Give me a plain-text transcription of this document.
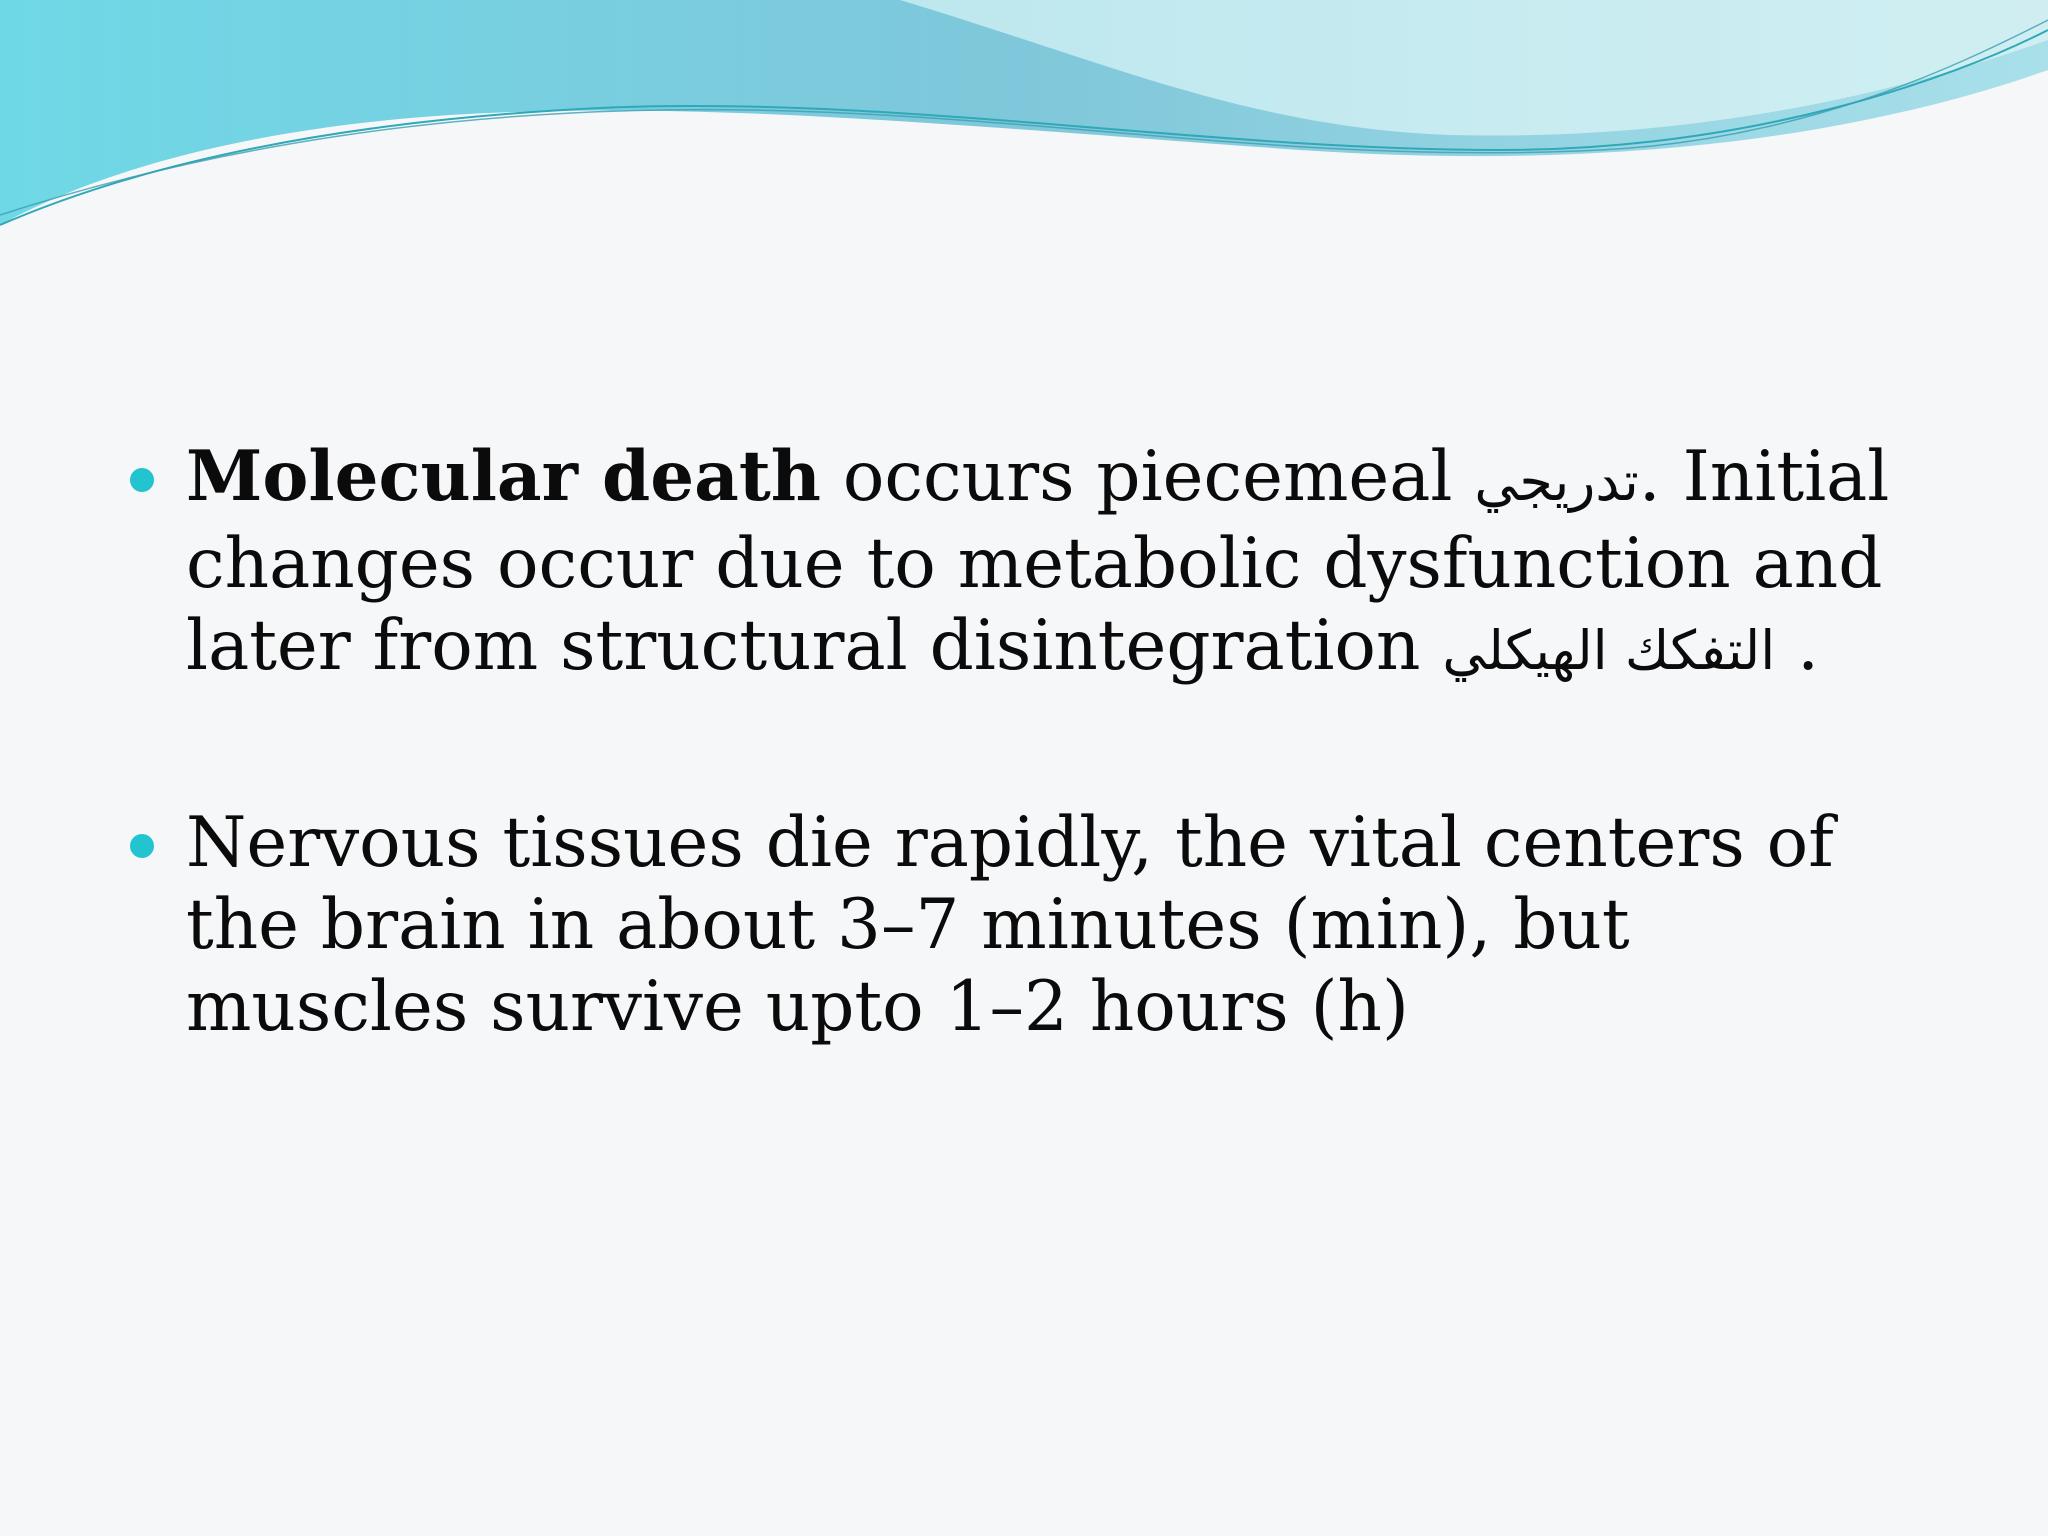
Molecular death occurs piecemeal تدريجي. Initial changes occur due to metabolic dysfunction and later from structural disintegration التفكك الهيكلي .
Nervous tissues die rapidly, the vital centers of the brain in about 3–7 minutes (min), but muscles survive upto 1–2 hours (h)
